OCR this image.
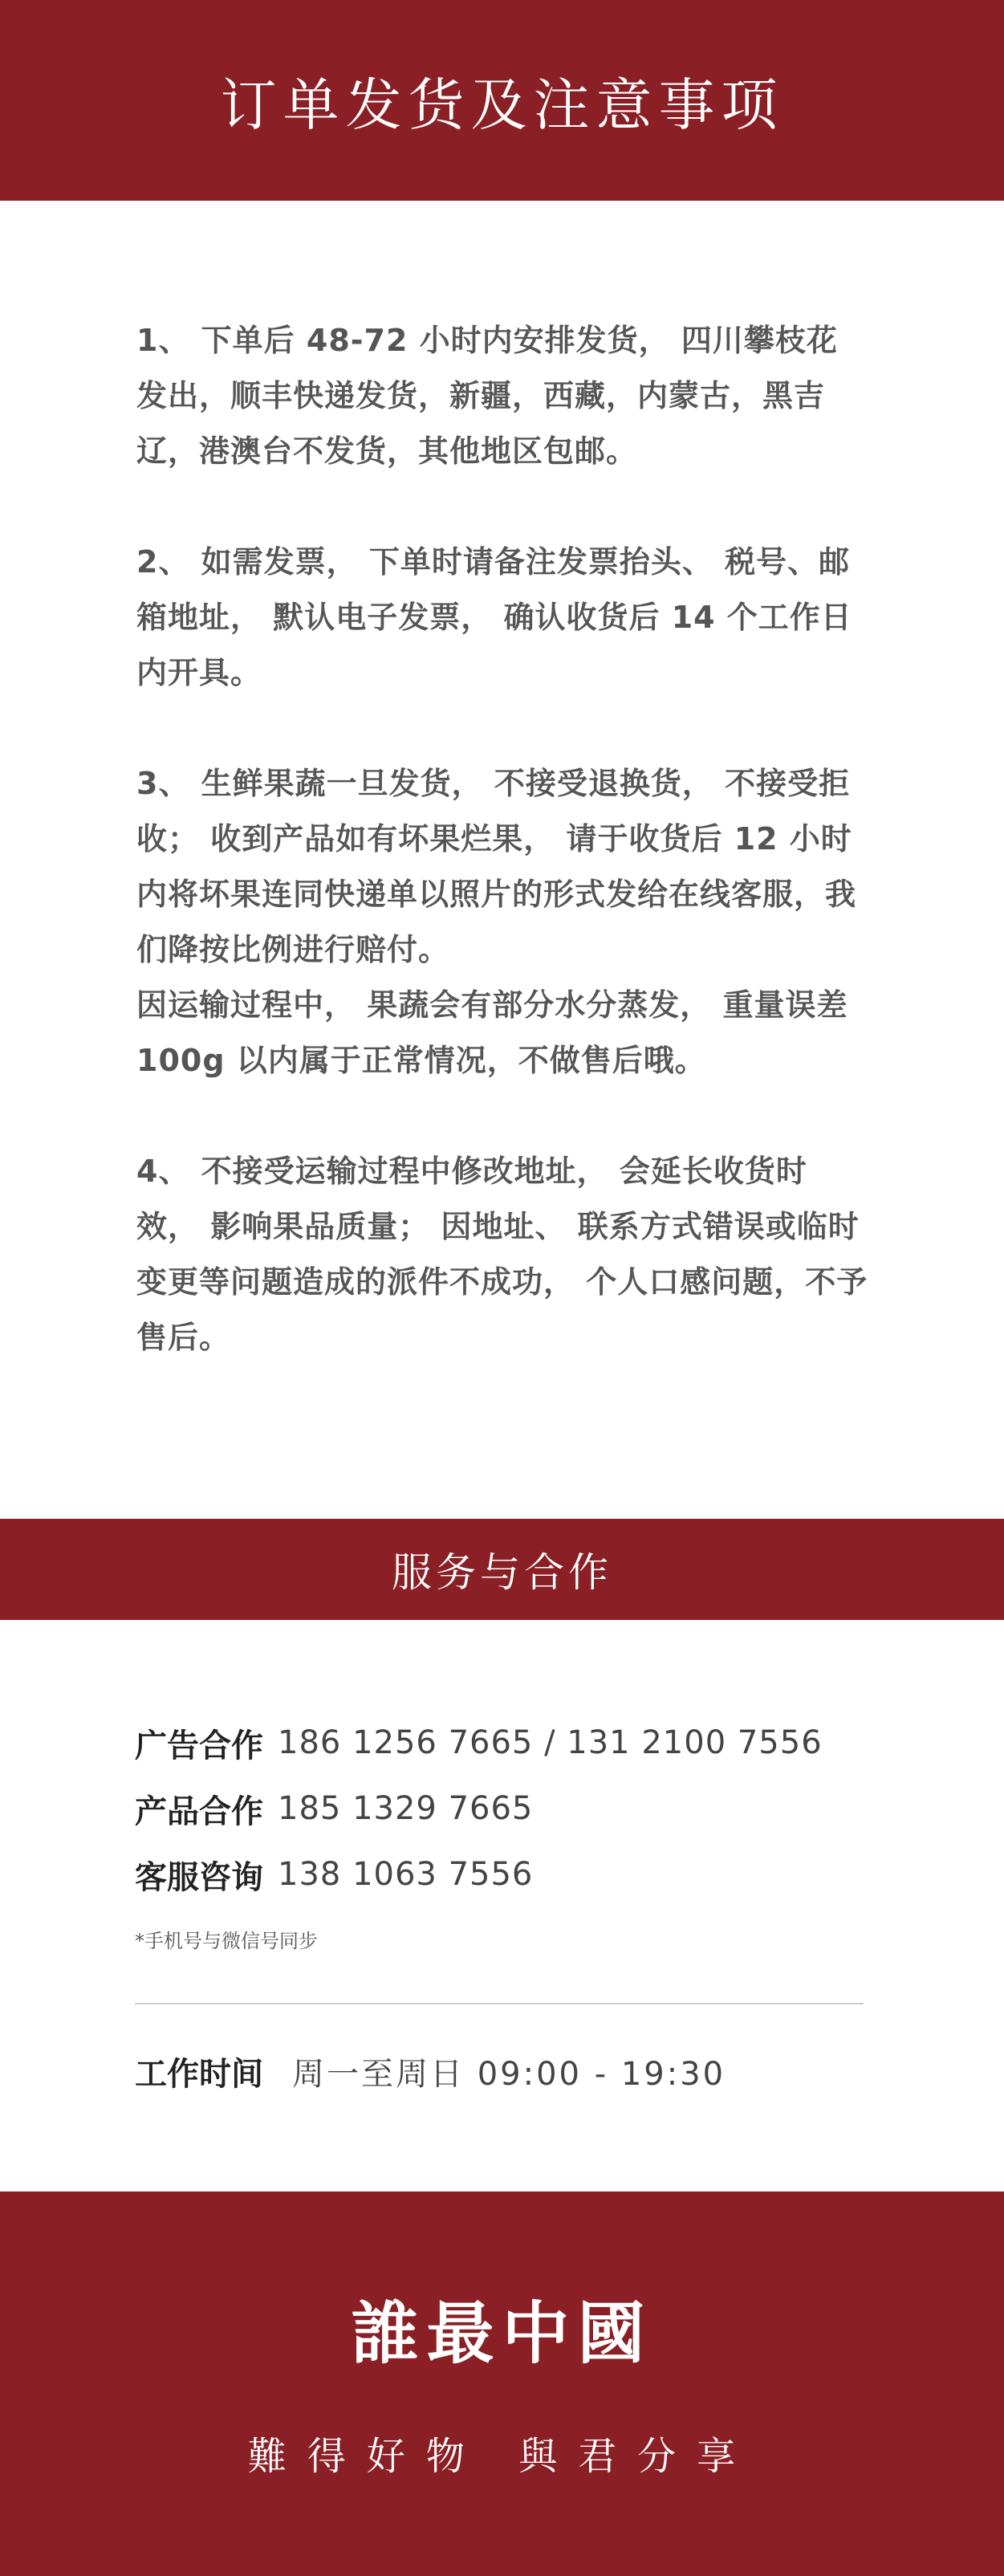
订单发货及注意事项

1、 下单后 48-72 小时内安排发货， 四川攀枝花发出，顺丰快递发货，新疆，西藏，内蒙古，黑吉辽，港澳台不发货，其他地区包邮。

2、 如需发票， 下单时请备注发票抬头、 税号、邮箱地址， 默认电子发票， 确认收货后 14 个工作日内开具。

3、 生鲜果蔬一旦发货， 不接受退换货， 不接受拒收； 收到产品如有坏果烂果， 请于收货后 12 小时内将坏果连同快递单以照片的形式发给在线客服，我们降按比例进行赔付。

因运输过程中， 果蔬会有部分水分蒸发， 重量误差 100g 以内属于正常情况，不做售后哦。

4、 不接受运输过程中修改地址， 会延长收货时效， 影响果品质量； 因地址、 联系方式错误或临时变更等问题造成的派件不成功， 个人口感问题，不予售后。

服务与合作
广告合作 186 1256 7665 / 131 2100 7556
产品合作 185 1329 7665
客服咨询 138 1063 7556
*手机号与微信号同步
工作时间 周一至周日 09:00 - 19:30
誰最中國
難得好物 與君分享
